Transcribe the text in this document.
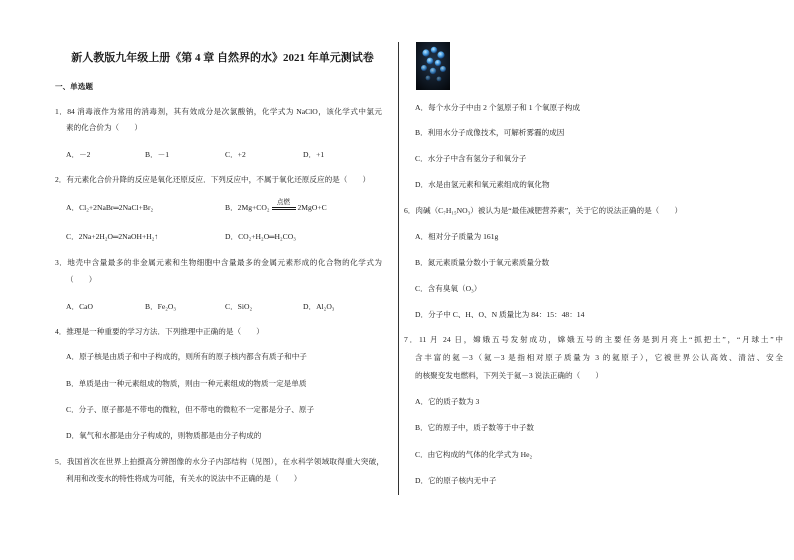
新人教版九年级上册《第 4 章 自然界的水》2021 年单元测试卷
一、单选题
1．84 消毒液作为常用的消毒剂，其有效成分是次氯酸钠，化学式为 NaClO，该化学式中氯元
素的化合价为（　　）
A．－2	B．－1	C．+2	D．+1
2．有元素化合价升降的反应是氧化还原反应．下列反应中，不属于氧化还原反应的是（　　）
A．Cl₂+2NaBr═2NaCl+Br₂	B．2Mg+CO₂
点燃
2MgO+C
C．2Na+2H₂O═2NaOH+H₂↑	D．CO₂+H₂O═H₂CO₃
3．地壳中含量最多的非金属元素和生物细胞中含量最多的金属元素形成的化合物的化学式为
（　　）
A．CaO	B．Fe₂O₃	C．SiO₂	D．Al₂O₃
4．推理是一种重要的学习方法．下列推理中正确的是（　　）
A．原子核是由质子和中子构成的，则所有的原子核内都含有质子和中子
B．单质是由一种元素组成的物质，则由一种元素组成的物质一定是单质
C．分子、原子都是不带电的微粒，但不带电的微粒不一定都是分子、原子
D．氧气和水都是由分子构成的，则物质都是由分子构成的
5．我国首次在世界上拍摄高分辨图像的水分子内部结构（见图），在水科学领域取得重大突破，
利用和改变水的特性将成为可能，有关水的说法中不正确的是（　　）
A．每个水分子中由 2 个氢原子和 1 个氧原子构成
B．利用水分子成像技术，可解析雾霾的成因
C．水分子中含有氢分子和氧分子
D．水是由氢元素和氧元素组成的氧化物
6．肉碱（C₇H₁₅NO₃）被认为是“最佳减肥营养素”，关于它的说法正确的是（　　）
A．相对分子质量为 161g
B．氮元素质量分数小于氧元素质量分数
C．含有臭氧（O₃）
D．分子中 C、H、O、N 质量比为 84：15：48：14
7．11 月 24 日，嫦娥五号发射成功，嫦娥五号的主要任务是到月亮上“抓把土”，“月球土”中
含丰富的氦－3（氦－3 是指相对原子质量为 3 的氦原子），它被世界公认高效、清洁、安全
的核聚变发电燃料，下列关于氦－3 说法正确的（　　）
A．它的质子数为 3
B．它的原子中，质子数等于中子数
C．由它构成的气体的化学式为 He₂
D．它的原子核内无中子
